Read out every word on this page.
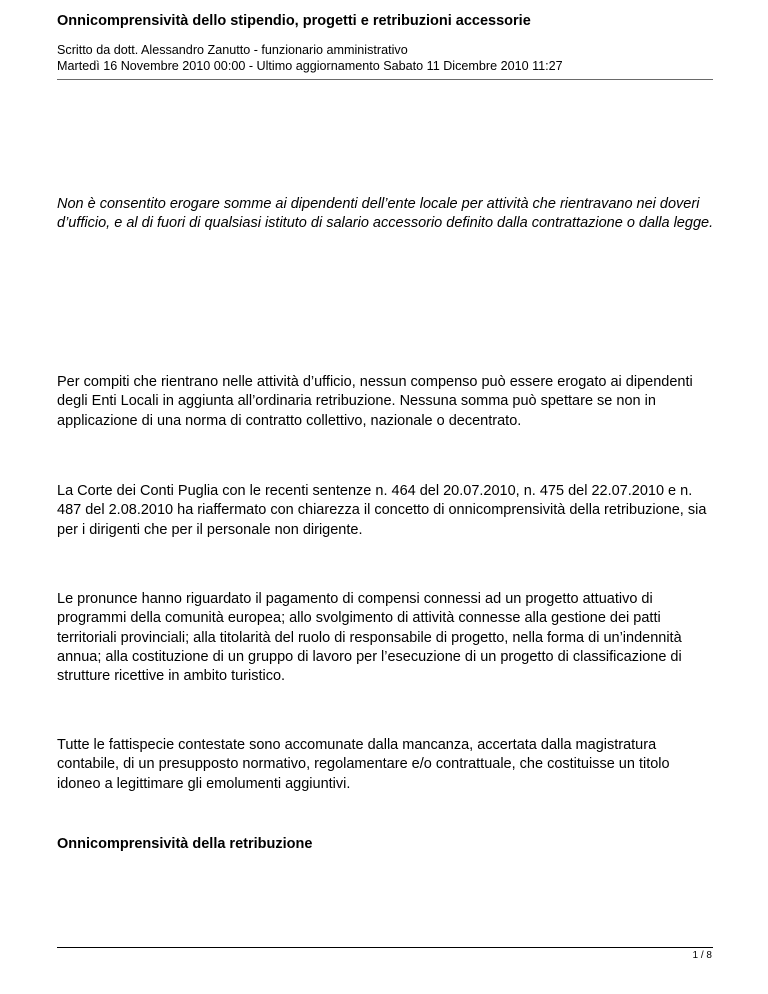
Onnicomprensività dello stipendio, progetti e retribuzioni accessorie
Scritto da dott. Alessandro Zanutto - funzionario amministrativo
Martedì 16 Novembre 2010 00:00 - Ultimo aggiornamento Sabato 11 Dicembre 2010 11:27

Non è consentito erogare somme ai dipendenti dell’ente locale per attività che rientravano nei doveri d’ufficio, e al di fuori di qualsiasi istituto di salario accessorio definito dalla contrattazione o dalla legge.

Per compiti che rientrano nelle attività d’ufficio, nessun compenso può essere erogato ai dipendenti degli Enti Locali in aggiunta all’ordinaria retribuzione. Nessuna somma può spettare se non in applicazione di una norma di contratto collettivo, nazionale o decentrato.

La Corte dei Conti Puglia con le recenti sentenze n. 464 del 20.07.2010, n. 475 del 22.07.2010 e n. 487 del 2.08.2010 ha riaffermato con chiarezza il concetto di onnicomprensività della retribuzione, sia per i dirigenti che per il personale non dirigente.

Le pronunce hanno riguardato il pagamento di compensi connessi ad un progetto attuativo di programmi della comunità europea; allo svolgimento di attività connesse alla gestione dei patti territoriali provinciali; alla titolarità del ruolo di responsabile di progetto, nella forma di un’indennità annua; alla costituzione di un gruppo di lavoro per l’esecuzione di un progetto di classificazione di strutture ricettive in ambito turistico.

Tutte le fattispecie contestate sono accomunate dalla mancanza, accertata dalla magistratura contabile, di un presupposto normativo, regolamentare e/o contrattuale, che costituisse un titolo idoneo a legittimare gli emolumenti aggiuntivi.

Onnicomprensività della retribuzione

1 / 8
